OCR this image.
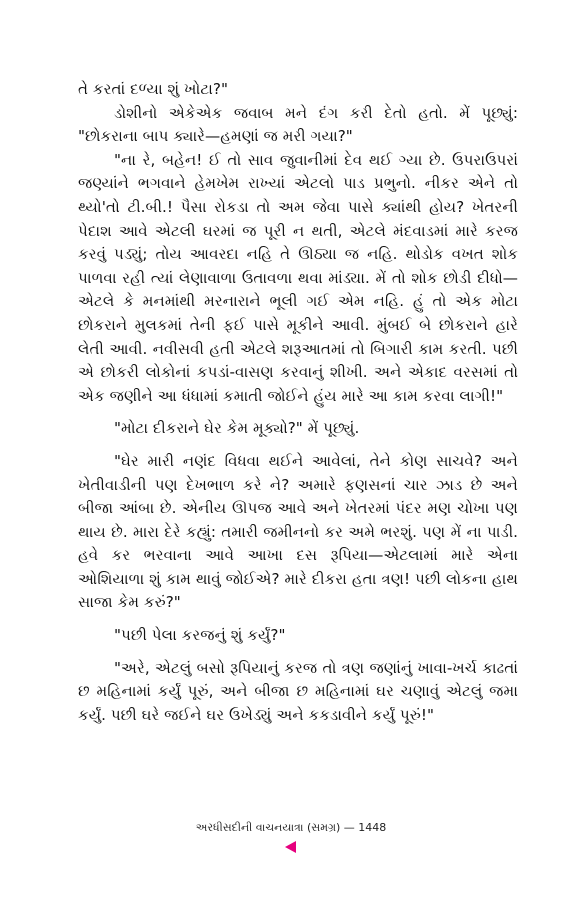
તે કરતાં દળ્યા શું ખોટા?"

ડોશીનો એકેએક જવાબ મને દંગ કરી દેતો હતો. મેં પૂછ્યું: "છોકરાના બાપ ક્યારે—હમણાં જ મરી ગયા?"

"ના રે, બહેન! ઈ તો સાવ જુવાનીમાં દેવ થઈ ગ્યા છે. ઉપરાઉપરાં જણ્યાંને ભગવાને હેમખેમ રાખ્યાં એટલો પાડ પ્રભુનો. નીકર એને તો થ્યો'તો ટી.બી.! પૈસા રોકડા તો અમ જેવા પાસે ક્યાંથી હોય? ખેતરની પેદાશ આવે એટલી ઘરમાં જ પૂરી ન થતી, એટલે મંદવાડમાં મારે કરજ કરવું પડ્યું; તોય આવરદા નહિ તે ઊઠ્યા જ નહિ. થોડોક વખત શોક પાળવા રહી ત્યાં લેણાવાળા ઉતાવળા થવા માંડ્યા. મેં તો શોક છોડી દીધો—એટલે કે મનમાંથી મરનારાને ભૂલી ગઈ એમ નહિ. હું તો એક મોટા છોકરાને મુલકમાં તેની ફઈ પાસે મૂકીને આવી. મુંબઈ બે છોકરાને હારે લેતી આવી. નવીસવી હતી એટલે શરૂઆતમાં તો બિગારી કામ કરતી. પછી એ છોકરી લોકોનાં કપડાં-વાસણ કરવાનું શીખી. અને એકાદ વરસમાં તો એક જણીને આ ધંધામાં કમાતી જોઈને હુંય મારે આ કામ કરવા લાગી!"

"મોટા દીકરાને ઘેર કેમ મૂક્યો?" મેં પૂછ્યું.

"ઘેર મારી નણંદ વિધવા થઈને આવેલાં, તેને કોણ સાચવે? અને ખેતીવાડીની પણ દેખભાળ કરે ને? અમારે ફણસનાં ચાર ઝાડ છે અને બીજા આંબા છે. એનીય ઊપજ આવે અને ખેતરમાં પંદર મણ ચોખા પણ થાય છે. મારા દેરે કહ્યું: તમારી જમીનનો કર અમે ભરશું. પણ મેં ના પાડી. હવે કર ભરવાના આવે આખા દસ રૂપિયા—એટલામાં મારે એના ઓશિયાળા શું કામ થાવું જોઈએ? મારે દીકરા હતા ત્રણ! પછી લોકના હાથ સાજા કેમ કરું?"

"પછી પેલા કરજનું શું કર્યું?"

"અરે, એટલું બસો રૂપિયાનું કરજ તો ત્રણ જણાંનું ખાવા-ખર્ચ કાઢતાં છ મહિનામાં કર્યું પૂરું, અને બીજા છ મહિનામાં ઘર ચણાવું એટલું જમા કર્યું. પછી ઘરે જઈને ઘર ઉખેડ્યું અને કકડાવીને કર્યું પૂરું!"

અરધીસદીની વાચનયાત્રા (સમગ્ર) — 1448
